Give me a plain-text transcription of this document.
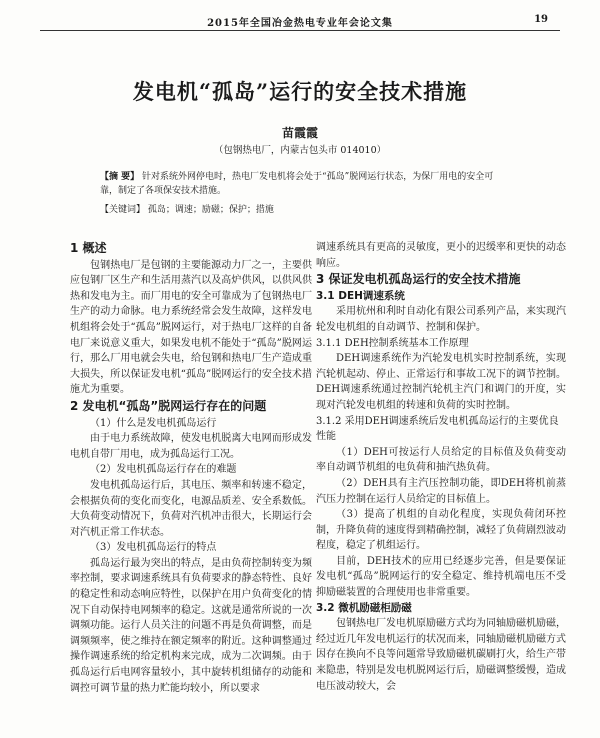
2015年全国冶金热电专业年会论文集	19
发电机“孤岛”运行的安全技术措施
苗霞霞
（包钢热电厂，内蒙古包头市 014010）
【摘 要】 针对系统外网停电时，热电厂发电机将会处于“孤岛”脱网运行状态，为保厂用电的安全可靠，制定了各项保安技术措施。
【关键词】 孤岛；调速；励磁；保护；措施
1 概述

包钢热电厂是包钢的主要能源动力厂之一，主要供应包钢厂区生产和生活用蒸汽以及高炉供风，以供风供热和发电为主。而厂用电的安全可靠成为了包钢热电厂生产的动力命脉。电力系统经常会发生故障，这样发电机组将会处于“孤岛”脱网运行，对于热电厂这样的自备电厂来说意义重大，如果发电机不能处于“孤岛”脱网运行，那么厂用电就会失电，给包钢和热电厂生产造成重大损失，所以保证发电机“孤岛”脱网运行的安全技术措施尤为重要。

2 发电机“孤岛”脱网运行存在的问题
（1）什么是发电机孤岛运行

由于电力系统故障，使发电机脱离大电网而形成发电机自带厂用电，成为孤岛运行工况。

（2）发电机孤岛运行存在的难题

发电机孤岛运行后，其电压、频率和转速不稳定，会根据负荷的变化而变化，电源品质差、安全系数低。大负荷变动情况下，负荷对汽机冲击很大，长期运行会对汽机正常工作状态。

（3）发电机孤岛运行的特点

孤岛运行最为突出的特点，是由负荷控制转变为频率控制，要求调速系统具有负荷要求的静态特性、良好的稳定性和动态响应特性，以保护在用户负荷变化的情况下自动保持电网频率的稳定。这就是通常所说的一次调频功能。运行人员关注的问题不再是负荷调整，而是调频频率，使之维持在额定频率的附近。这种调整通过操作调速系统的给定机构来完成，成为二次调频。由于孤岛运行后电网容量较小，其中旋转机组储存的动能和调控可调节量的热力贮能均较小，所以要求

调速系统具有更高的灵敏度，更小的迟缓率和更快的动态响应。

3 保证发电机孤岛运行的安全技术措施
3.1 DEH调速系统

采用杭州和利时自动化有限公司系列产品，来实现汽轮发电机组的自动调节、控制和保护。

3.1.1 DEH控制系统基本工作原理

DEH调速系统作为汽轮发电机实时控制系统，实现汽轮机起动、停止、正常运行和事故工况下的调节控制。DEH调速系统通过控制汽轮机主汽门和调门的开度，实现对汽轮发电机组的转速和负荷的实时控制。

3.1.2 采用DEH调速系统后发电机孤岛运行的主要优良性能

（1）DEH可按运行人员给定的目标值及负荷变动率自动调节机组的电负荷和抽汽热负荷。

（2）DEH具有主汽压控制功能，即DEH将机前蒸汽压力控制在运行人员给定的目标值上。

（3）提高了机组的自动化程度，实现负荷闭环控制，升降负荷的速度得到精确控制，减轻了负荷剧烈波动程度，稳定了机组运行。

目前，DEH技术的应用已经逐步完善，但是要保证发电机“孤岛”脱网运行的安全稳定、维持机端电压不受抑励磁装置的合理使用也非常重要。

3.2 微机励磁柜励磁

包钢热电厂发电机原励磁方式均为同轴励磁机励磁，经过近几年发电机运行的状况而来，同轴励磁机励磁方式因存在换向不良等问题常导致励磁机碳刷打火，给生产带来隐患，特别是发电机脱网运行后，励磁调整缓慢，造成电压波动较大，会
